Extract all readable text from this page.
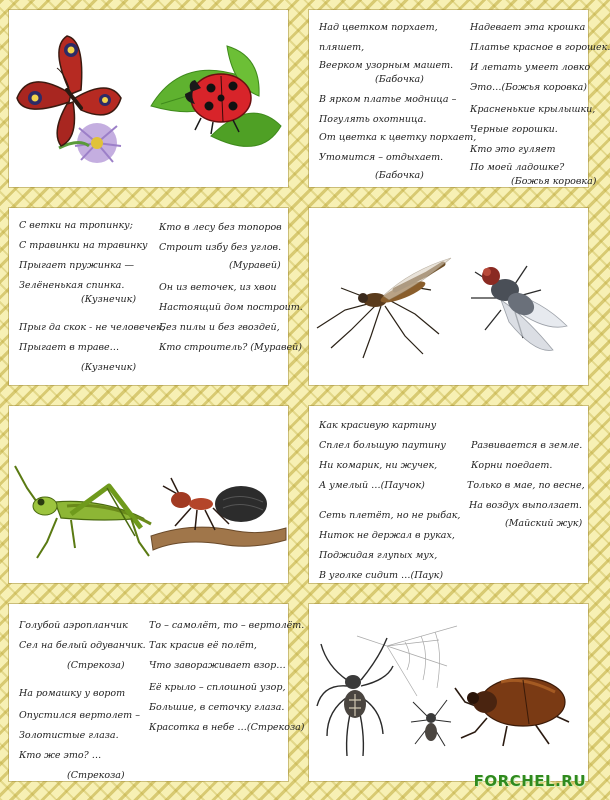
Над цветком порхает,
пляшет,
Веерком узорным машет.
(Бабочка)
В ярком платье модница –
Погулять охотница.
От цветка к цветку порхает,
Утомится – отдыхает.
(Бабочка)
Надевает эта крошка
Платье красное в горошек.
И летать умеет ловко
Это…(Божья коровка)
Красненькие крылышки,
Черные горошки.
Кто это гуляет
По моей ладошке?
(Божья коровка)
С ветки на тропинку;
С травинки на травинку
Прыгает пружинка —
Зелёненькая спинка.
(Кузнечик)
Прыг да скок - не человечек,
Прыгает в траве…
(Кузнечик)
Кто в лесу без топоров
Строит избу без углов.
(Муравей)
Он из веточек, из хвои
Настоящий дом построит.
Без пилы и без гвоздей,
Кто строитель? (Муравей)
Как красивую картину
Сплел большую паутину
Ни комарик, ни жучек,
А умелый …(Паучок)
Сеть плетёт, но не рыбак,
Ниток не держал в руках,
Поджидая глупых мух,
В уголке сидит …(Паук)
Развивается в земле.
Корни поедает.
Только в мае, по весне,
На воздух выползает.
(Майский жук)
Голубой аэропланчик
Сел на белый одуванчик.
(Стрекоза)
На ромашку у ворот
Опустился вертолет –
Золотистые глаза.
Кто же это? …
(Стрекоза)
То – самолёт, то – вертолёт.
Так красив её полёт,
Что завораживает взор…
Её крыло – сплошной узор,
Большие, в сеточку глаза.
Красотка в небе …(Стрекоза)
FORCHEL.RU
